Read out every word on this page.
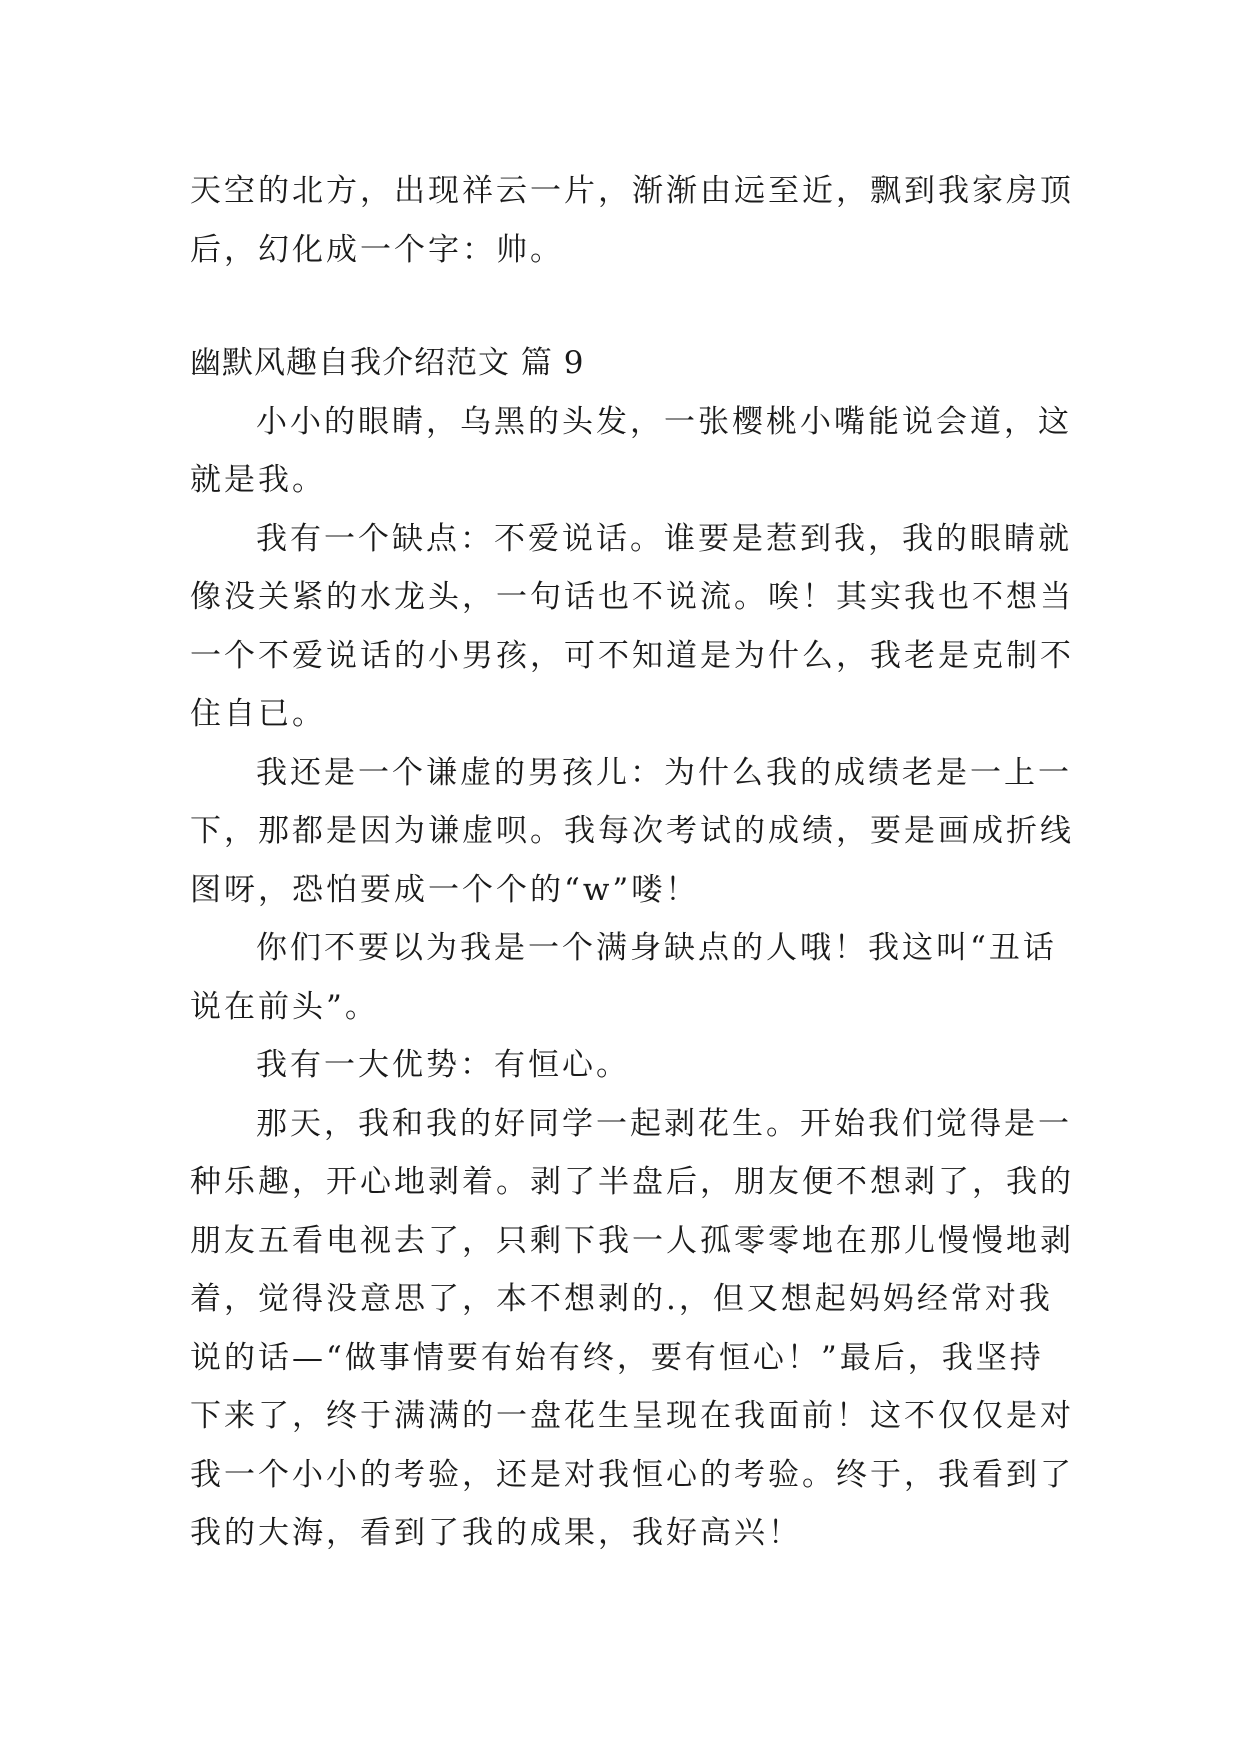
天空的北方，出现祥云一片，渐渐由远至近，飘到我家房顶
后，幻化成一个字：帅。
幽默风趣自我介绍范文 篇 9
小小的眼睛，乌黑的头发，一张樱桃小嘴能说会道，这
就是我。
我有一个缺点：不爱说话。谁要是惹到我，我的眼睛就
像没关紧的水龙头，一句话也不说流。唉！其实我也不想当
一个不爱说话的小男孩，可不知道是为什么，我老是克制不
住自已。
我还是一个谦虚的男孩儿：为什么我的成绩老是一上一
下，那都是因为谦虚呗。我每次考试的成绩，要是画成折线
图呀，恐怕要成一个个的“w”喽！
你们不要以为我是一个满身缺点的人哦！我这叫“丑话
说在前头”。
我有一大优势：有恒心。
那天，我和我的好同学一起剥花生。开始我们觉得是一
种乐趣，开心地剥着。剥了半盘后，朋友便不想剥了，我的
朋友五看电视去了，只剩下我一人孤零零地在那儿慢慢地剥
着，觉得没意思了，本不想剥的.，但又想起妈妈经常对我
说的话—“做事情要有始有终，要有恒心！”最后，我坚持
下来了，终于满满的一盘花生呈现在我面前！这不仅仅是对
我一个小小的考验，还是对我恒心的考验。终于，我看到了
我的大海，看到了我的成果，我好高兴！
